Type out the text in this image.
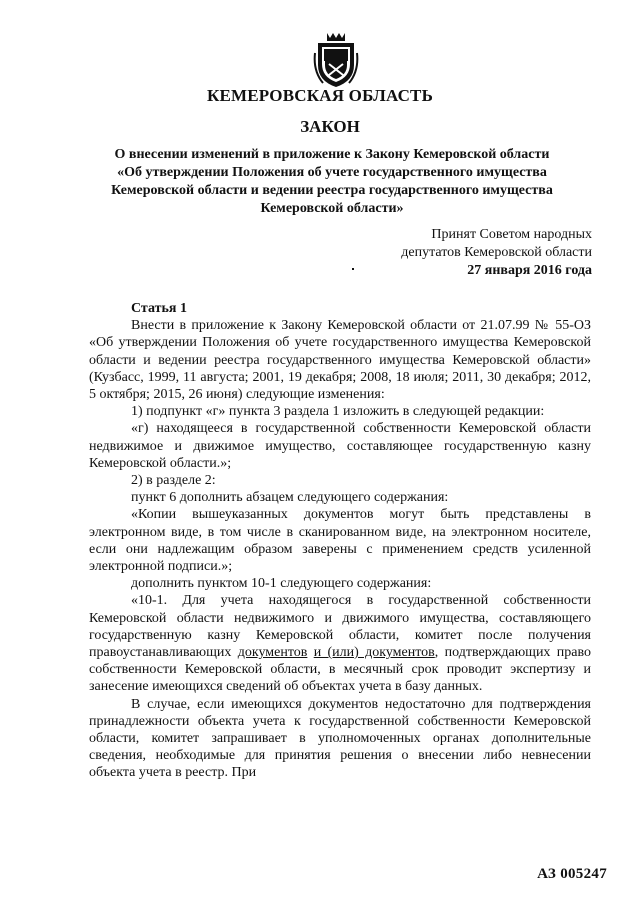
КЕМЕРОВСКАЯ ОБЛАСТЬ
ЗАКОН
О внесении изменений в приложение к Закону Кемеровской области
«Об утверждении Положения об учете государственного имущества
Кемеровской области и ведении реестра государственного имущества
Кемеровской области»
Принят Советом народных
депутатов Кемеровской области
27 января 2016 года

Статья 1

Внести в приложение к Закону Кемеровской области от 21.07.99 № 55-ОЗ «Об утверждении Положения об учете государственного имущества Кемеровской области и ведении реестра государственного имущества Кемеровской области» (Кузбасс, 1999, 11 августа; 2001, 19 декабря; 2008, 18 июля; 2011, 30 декабря; 2012, 5 октября; 2015, 26 июня) следующие изменения:

1) подпункт «г» пункта 3 раздела 1 изложить в следующей редакции:

«г) находящееся в государственной собственности Кемеровской области недвижимое и движимое имущество, составляющее государственную казну Кемеровской области.»;

2) в разделе 2:

пункт 6 дополнить абзацем следующего содержания:

«Копии вышеуказанных документов могут быть представлены в электронном виде, в том числе в сканированном виде, на электронном носителе, если они надлежащим образом заверены с применением средств усиленной электронной подписи.»;

дополнить пунктом 10-1 следующего содержания:

«10-1. Для учета находящегося в государственной собственности Кемеровской области недвижимого и движимого имущества, составляющего государственную казну Кемеровской области, комитет после получения правоустанавливающих документов и (или) документов, подтверждающих право собственности Кемеровской области, в месячный срок проводит экспертизу и занесение имеющихся сведений об объектах учета в базу данных.

В случае, если имеющихся документов недостаточно для подтверждения принадлежности объекта учета к государственной собственности Кемеровской области, комитет запрашивает в уполномоченных органах дополнительные сведения, необходимые для принятия решения о внесении либо невнесении объекта учета в реестр. При

АЗ 005247
